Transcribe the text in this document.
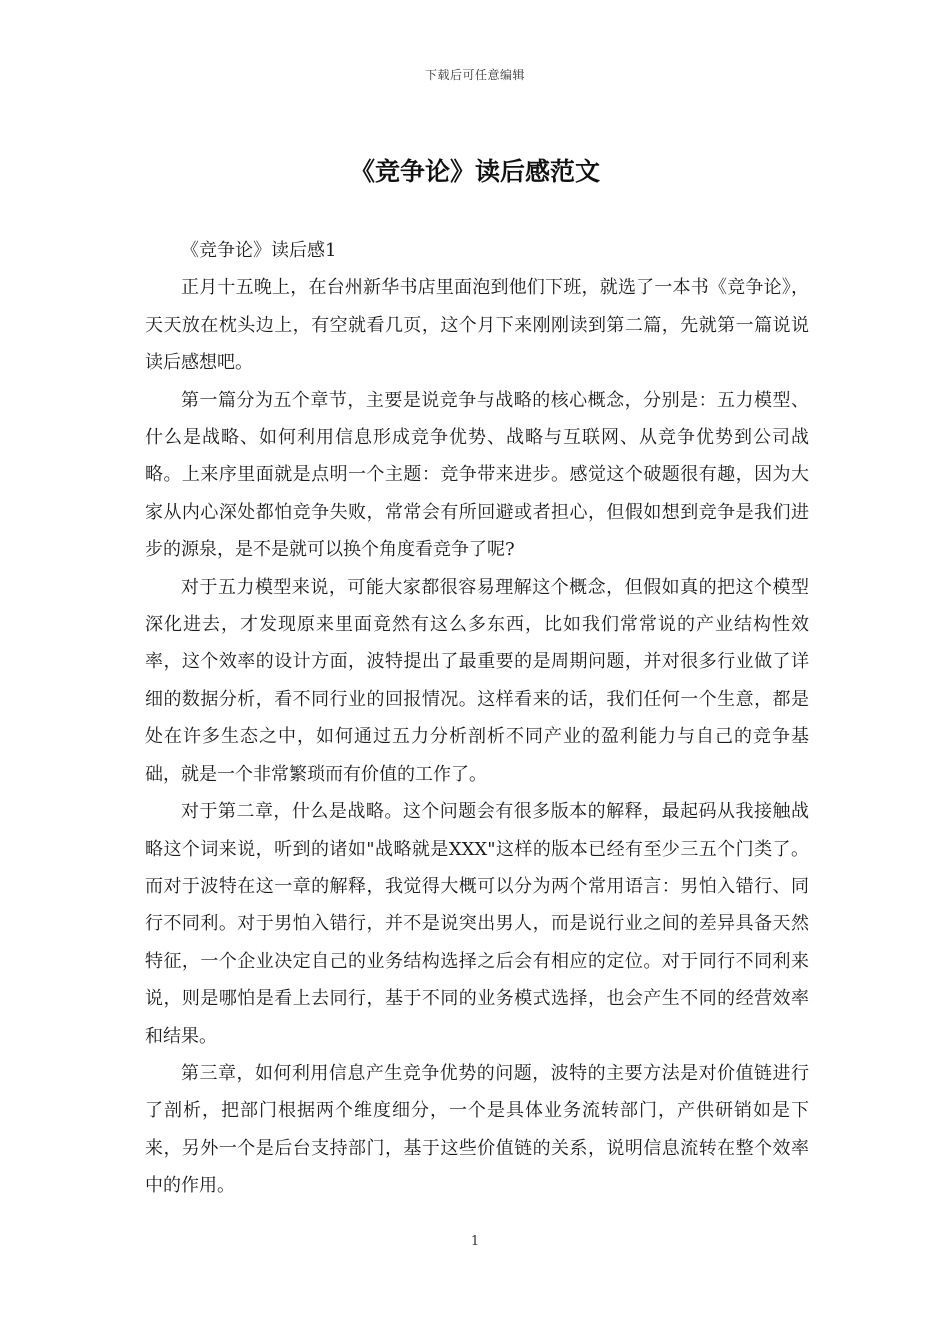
下载后可任意编辑
《竞争论》读后感范文

《竞争论》读后感1

正月十五晚上，在台州新华书店里面泡到他们下班，就选了一本书《竞争论》，天天放在枕头边上，有空就看几页，这个月下来刚刚读到第二篇，先就第一篇说说读后感想吧。

第一篇分为五个章节，主要是说竞争与战略的核心概念，分别是：五力模型、什么是战略、如何利用信息形成竞争优势、战略与互联网、从竞争优势到公司战略。上来序里面就是点明一个主题：竞争带来进步。感觉这个破题很有趣，因为大家从内心深处都怕竞争失败，常常会有所回避或者担心，但假如想到竞争是我们进步的源泉，是不是就可以换个角度看竞争了呢?

对于五力模型来说，可能大家都很容易理解这个概念，但假如真的把这个模型深化进去，才发现原来里面竟然有这么多东西，比如我们常常说的产业结构性效率，这个效率的设计方面，波特提出了最重要的是周期问题，并对很多行业做了详细的数据分析，看不同行业的回报情况。这样看来的话，我们任何一个生意，都是处在许多生态之中，如何通过五力分析剖析不同产业的盈利能力与自己的竞争基础，就是一个非常繁琐而有价值的工作了。

对于第二章，什么是战略。这个问题会有很多版本的解释，最起码从我接触战略这个词来说，听到的诸如"战略就是XXX"这样的版本已经有至少三五个门类了。而对于波特在这一章的解释，我觉得大概可以分为两个常用语言：男怕入错行、同行不同利。对于男怕入错行，并不是说突出男人，而是说行业之间的差异具备天然特征，一个企业决定自己的业务结构选择之后会有相应的定位。对于同行不同利来说，则是哪怕是看上去同行，基于不同的业务模式选择，也会产生不同的经营效率和结果。

第三章，如何利用信息产生竞争优势的问题，波特的主要方法是对价值链进行了剖析，把部门根据两个维度细分，一个是具体业务流转部门，产供研销如是下来，另外一个是后台支持部门，基于这些价值链的关系，说明信息流转在整个效率中的作用。

1
